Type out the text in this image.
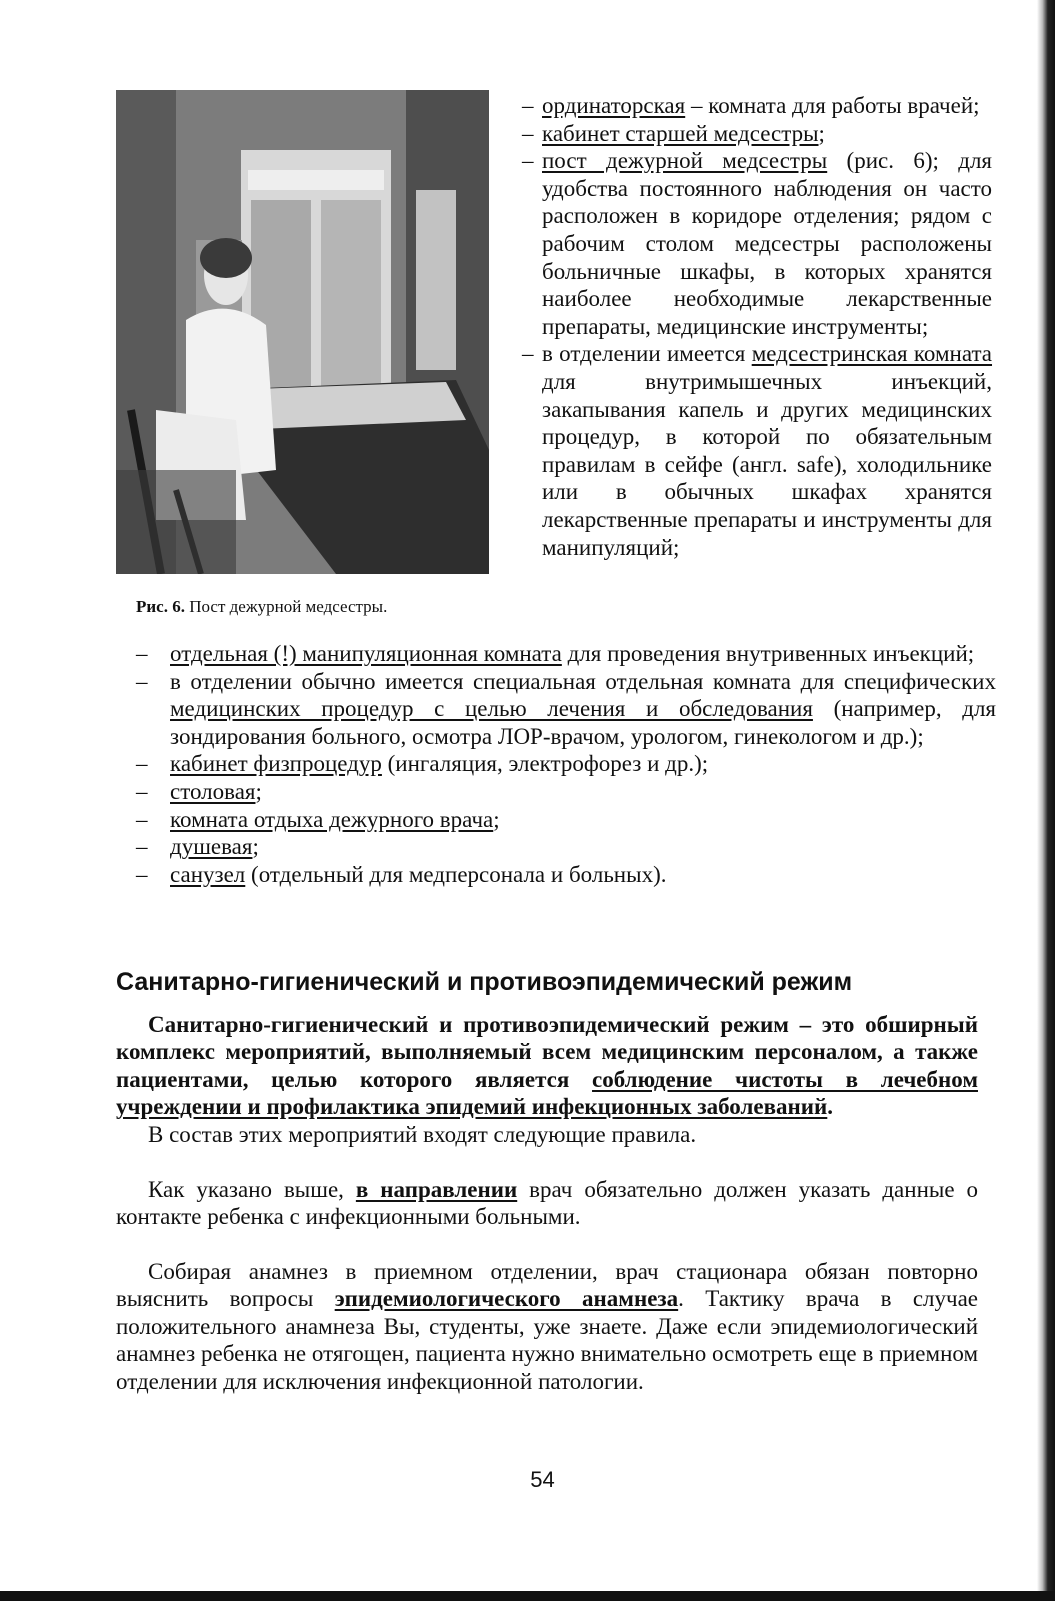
Рис. 6. Пост дежурной медсестры.
– ординаторская – комната для работы врачей;
– кабинет старшей медсестры;
– пост дежурной медсестры (рис. 6); для удобства постоянного наблюдения он часто расположен в коридоре отделения; рядом с рабочим столом медсестры расположены больничные шкафы, в которых хранятся наиболее необходимые лекарственные препараты, медицинские инструменты;
– в отделении имеется медсестринская комната для внутримышечных инъекций, закапывания капель и других медицинских процедур, в которой по обязательным правилам в сейфе (англ. safe), холодильнике или в обычных шкафах хранятся лекарственные препараты и инструменты для манипуляций;
– отдельная (!) манипуляционная комната для проведения внутривенных инъекций;
– в отделении обычно имеется специальная отдельная комната для специфических медицинских процедур с целью лечения и обследования (например, для зондирования больного, осмотра ЛОР-врачом, урологом, гинекологом и др.);
– кабинет физпроцедур (ингаляция, электрофорез и др.);
– столовая;
– комната отдыха дежурного врача;
– душевая;
– санузел (отдельный для медперсонала и больных).
Санитарно-гигиенический и противоэпидемический режим
Санитарно-гигиенический и противоэпидемический режим – это обширный комплекс мероприятий, выполняемый всем медицинским персоналом, а также пациентами, целью которого является соблюдение чистоты в лечебном учреждении и профилактика эпидемий инфекционных заболеваний.
В состав этих мероприятий входят следующие правила.
Как указано выше, в направлении врач обязательно должен указать данные о контакте ребенка с инфекционными больными.
Собирая анамнез в приемном отделении, врач стационара обязан повторно выяснить вопросы эпидемиологического анамнеза. Тактику врача в случае положительного анамнеза Вы, студенты, уже знаете. Даже если эпидемиологический анамнез ребенка не отягощен, пациента нужно внимательно осмотреть еще в приемном отделении для исключения инфекционной патологии.
54
